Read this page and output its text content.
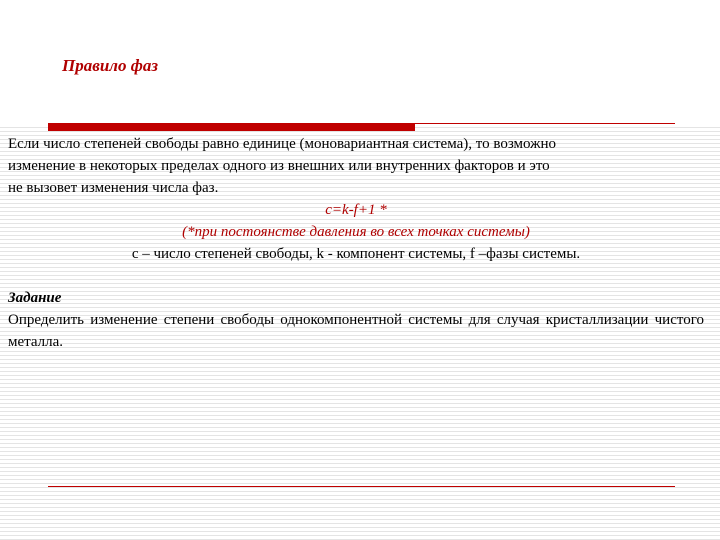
Правило фаз

Если число степеней свободы равно единице (моновариантная система), то возможно

изменение в некоторых пределах одного из внешних или внутренних факторов и это

не вызовет изменения числа фаз.

c=k-f+1 *

(*при постоянстве давления во всех точках системы)

c – число степеней свободы, k - компонент системы, f –фазы системы.

Задание

Определить изменение степени свободы однокомпонентной системы для случая кристаллизации чистого металла.
